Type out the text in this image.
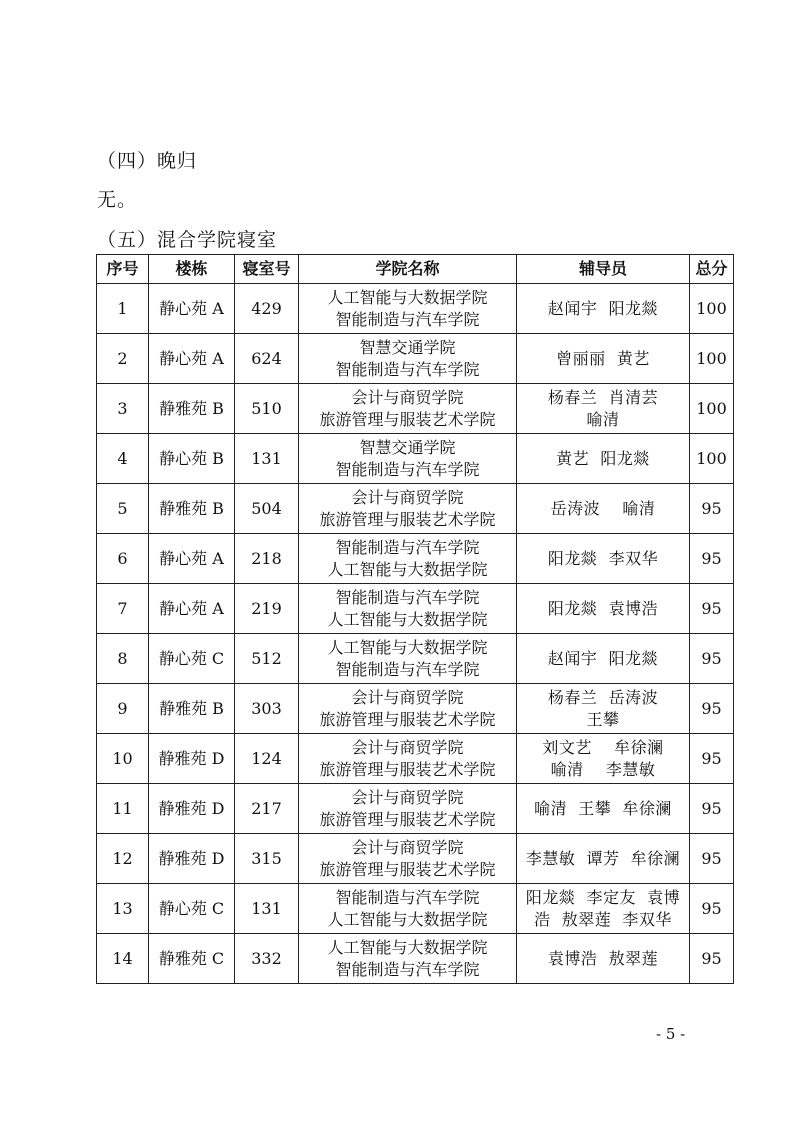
（四）晚归
无。
（五）混合学院寝室
序号	楼栋	寝室号	学院名称	辅导员	总分
1	静心苑 A	429	人工智能与大数据学院
智能制造与汽车学院	赵闻宇  阳龙燚	100
2	静心苑 A	624	智慧交通学院
智能制造与汽车学院	曾丽丽  黄艺	100
3	静雅苑 B	510	会计与商贸学院
旅游管理与服装艺术学院	杨春兰  肖清芸
喻清	100
4	静心苑 B	131	智慧交通学院
智能制造与汽车学院	黄艺  阳龙燚	100
5	静雅苑 B	504	会计与商贸学院
旅游管理与服装艺术学院	岳涛波    喻清	95
6	静心苑 A	218	智能制造与汽车学院
人工智能与大数据学院	阳龙燚  李双华	95
7	静心苑 A	219	智能制造与汽车学院
人工智能与大数据学院	阳龙燚  袁博浩	95
8	静心苑 C	512	人工智能与大数据学院
智能制造与汽车学院	赵闻宇  阳龙燚	95
9	静雅苑 B	303	会计与商贸学院
旅游管理与服装艺术学院	杨春兰  岳涛波
王攀	95
10	静雅苑 D	124	会计与商贸学院
旅游管理与服装艺术学院	刘文艺    牟徐澜
喻清    李慧敏	95
11	静雅苑 D	217	会计与商贸学院
旅游管理与服装艺术学院	喻清  王攀  牟徐澜	95
12	静雅苑 D	315	会计与商贸学院
旅游管理与服装艺术学院	李慧敏  谭芳  牟徐澜	95
13	静心苑 C	131	智能制造与汽车学院
人工智能与大数据学院	阳龙燚  李定友  袁博
浩  敖翠莲  李双华	95
14	静雅苑 C	332	人工智能与大数据学院
智能制造与汽车学院	袁博浩  敖翠莲	95
- 5 -
